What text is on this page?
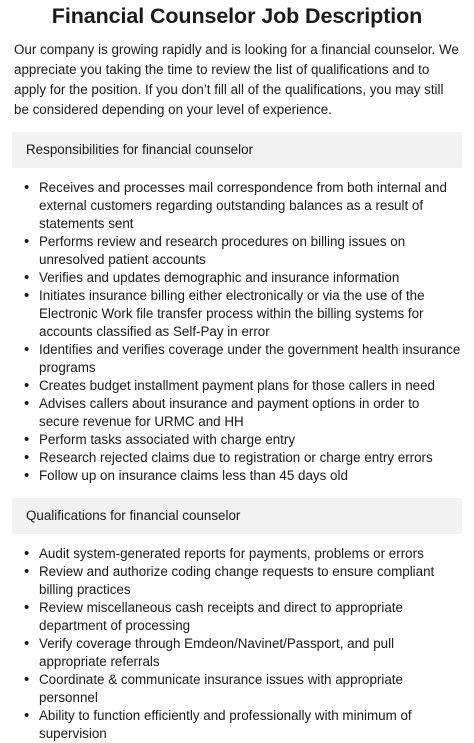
Financial Counselor Job Description

Our company is growing rapidly and is looking for a financial counselor. We appreciate you taking the time to review the list of qualifications and to apply for the position. If you don’t fill all of the qualifications, you may still be considered depending on your level of experience.

Responsibilities for financial counselor
• Receives and processes mail correspondence from both internal and external customers regarding outstanding balances as a result of statements sent
• Performs review and research procedures on billing issues on unresolved patient accounts
• Verifies and updates demographic and insurance information
• Initiates insurance billing either electronically or via the use of the Electronic Work file transfer process within the billing systems for accounts classified as Self-Pay in error
• Identifies and verifies coverage under the government health insurance programs
• Creates budget installment payment plans for those callers in need
• Advises callers about insurance and payment options in order to secure revenue for URMC and HH
• Perform tasks associated with charge entry
• Research rejected claims due to registration or charge entry errors
• Follow up on insurance claims less than 45 days old
Qualifications for financial counselor
• Audit system-generated reports for payments, problems or errors
• Review and authorize coding change requests to ensure compliant billing practices
• Review miscellaneous cash receipts and direct to appropriate department of processing
• Verify coverage through Emdeon/Navinet/Passport, and pull appropriate referrals
• Coordinate & communicate insurance issues with appropriate personnel
• Ability to function efficiently and professionally with minimum of supervision
